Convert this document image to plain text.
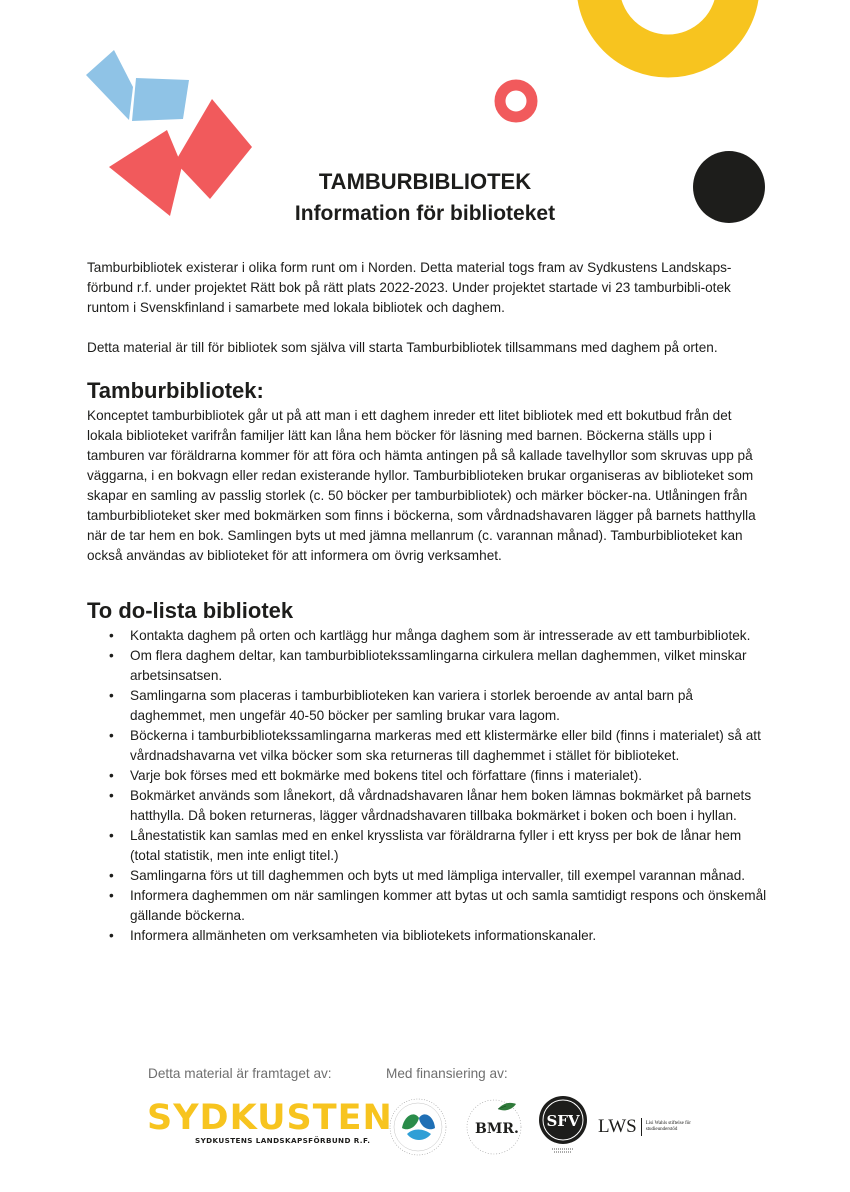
TAMBURBIBLIOTEK
Information för biblioteket

Tamburbibliotek existerar i olika form runt om i Norden. Detta material togs fram av Sydkustens Landskaps-förbund r.f. under projektet Rätt bok på rätt plats 2022-2023. Under projektet startade vi 23 tamburbibli-otek runtom i Svenskfinland i samarbete med lokala bibliotek och daghem.

Detta material är till för bibliotek som själva vill starta Tamburbibliotek tillsammans med daghem på orten.

Tamburbibliotek:

Konceptet tamburbibliotek går ut på att man i ett daghem inreder ett litet bibliotek med ett bokutbud från det lokala biblioteket varifrån familjer lätt kan låna hem böcker för läsning med barnen. Böckerna ställs upp i tamburen var föräldrarna kommer för att föra och hämta antingen på så kallade tavelhyllor som skruvas upp på väggarna, i en bokvagn eller redan existerande hyllor. Tamburbiblioteken brukar organiseras av biblioteket som skapar en samling av passlig storlek (c. 50 böcker per tamburbibliotek) och märker böcker-na. Utlåningen från tamburbiblioteket sker med bokmärken som finns i böckerna, som vårdnadshavaren lägger på barnets hatthylla när de tar hem en bok. Samlingen byts ut med jämna mellanrum (c. varannan månad). Tamburbiblioteket kan också användas av biblioteket för att informera om övrig verksamhet.

To do-lista bibliotek
• Kontakta daghem på orten och kartlägg hur många daghem som är intresserade av ett tamburbibliotek.
• Om flera daghem deltar, kan tamburbibliotekssamlingarna cirkulera mellan daghemmen, vilket minskar arbetsinsatsen.
• Samlingarna som placeras i tamburbiblioteken kan variera i storlek beroende av antal barn på daghemmet, men ungefär 40-50 böcker per samling brukar vara lagom.
• Böckerna i tamburbibliotekssamlingarna markeras med ett klistermärke eller bild (finns i materialet) så att vårdnadshavarna vet vilka böcker som ska returneras till daghemmet i stället för biblioteket.
• Varje bok förses med ett bokmärke med bokens titel och författare (finns i materialet).
• Bokmärket används som lånekort, då vårdnadshavaren lånar hem boken lämnas bokmärket på barnets hatthylla. Då boken returneras, lägger vårdnadshavaren tillbaka bokmärket i boken och boen i hyllan.
• Lånestatistik kan samlas med en enkel krysslista var föräldrarna fyller i ett kryss per bok de lånar hem (total statistik, men inte enligt titel.)
• Samlingarna förs ut till daghemmen och byts ut med lämpliga intervaller, till exempel varannan månad.
• Informera daghemmen om när samlingen kommer att bytas ut och samla samtidigt respons och önskemål gällande böckerna.
• Informera allmänheten om verksamheten via bibliotekets informationskanaler.
Detta material är framtaget av:	Med finansiering av:
SYDKUSTEN
SYDKUSTENS LANDSKAPSFÖRBUND R.F.
BMR. SFV LWS Lisi Wahls stiftelse för studieunderstöd
